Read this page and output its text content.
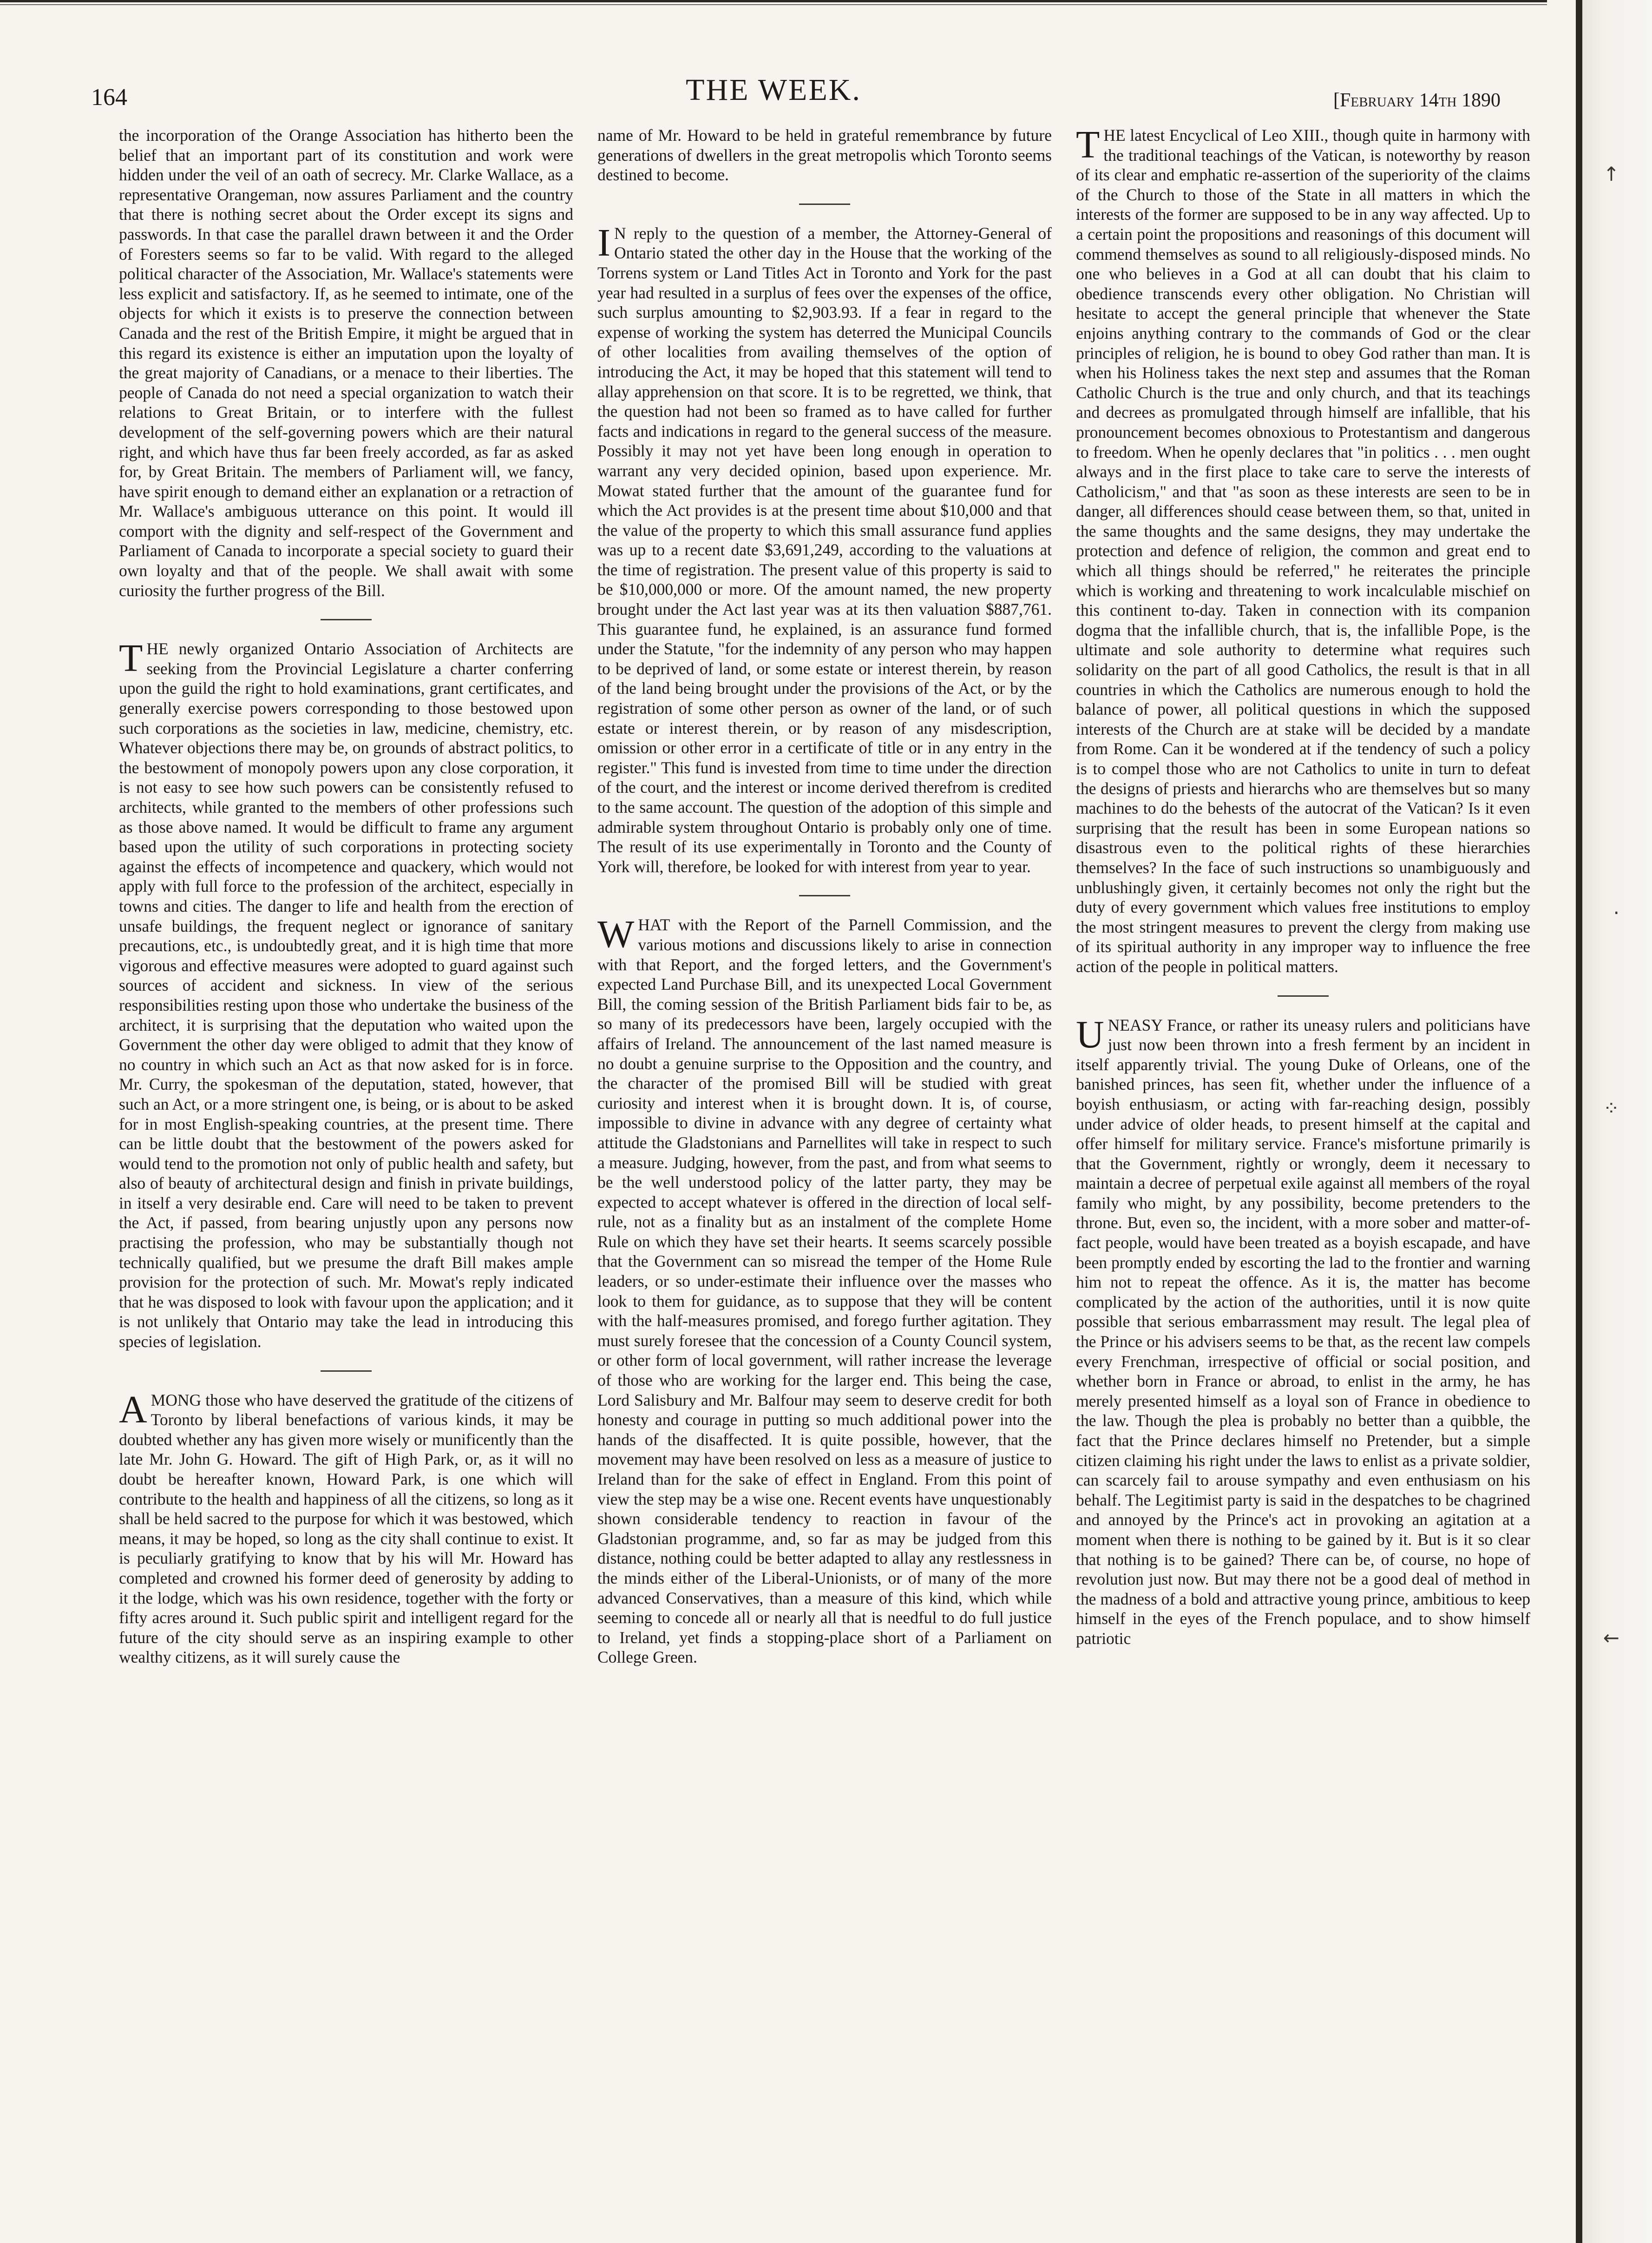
↑
·
⁘
←
164	THE WEEK.	[February 14th 1890

the incorporation of the Orange Association has hitherto been the belief that an important part of its constitution and work were hidden under the veil of an oath of secrecy. Mr. Clarke Wallace, as a representative Orangeman, now assures Parliament and the country that there is nothing secret about the Order except its signs and passwords. In that case the parallel drawn between it and the Order of Foresters seems so far to be valid. With regard to the alleged political character of the Association, Mr. Wallace's statements were less explicit and satisfactory. If, as he seemed to intimate, one of the objects for which it exists is to preserve the connection between Canada and the rest of the British Empire, it might be argued that in this regard its existence is either an imputation upon the loyalty of the great majority of Canadians, or a menace to their liberties. The people of Canada do not need a special organization to watch their relations to Great Britain, or to interfere with the fullest development of the self-governing powers which are their natural right, and which have thus far been freely accorded, as far as asked for, by Great Britain. The members of Parliament will, we fancy, have spirit enough to demand either an explanation or a retraction of Mr. Wallace's ambiguous utterance on this point. It would ill comport with the dignity and self-respect of the Government and Parliament of Canada to incorporate a special society to guard their own loyalty and that of the people. We shall await with some curiosity the further progress of the Bill.

THE newly organized Ontario Association of Architects are seeking from the Provincial Legislature a charter conferring upon the guild the right to hold examinations, grant certificates, and generally exercise powers corresponding to those bestowed upon such corporations as the societies in law, medicine, chemistry, etc. Whatever objections there may be, on grounds of abstract politics, to the bestowment of monopoly powers upon any close corporation, it is not easy to see how such powers can be consistently refused to architects, while granted to the members of other professions such as those above named. It would be difficult to frame any argument based upon the utility of such corporations in protecting society against the effects of incompetence and quackery, which would not apply with full force to the profession of the architect, especially in towns and cities. The danger to life and health from the erection of unsafe buildings, the frequent neglect or ignorance of sanitary precautions, etc., is undoubtedly great, and it is high time that more vigorous and effective measures were adopted to guard against such sources of accident and sickness. In view of the serious responsibilities resting upon those who undertake the business of the architect, it is surprising that the deputation who waited upon the Government the other day were obliged to admit that they know of no country in which such an Act as that now asked for is in force. Mr. Curry, the spokesman of the deputation, stated, however, that such an Act, or a more stringent one, is being, or is about to be asked for in most English-speaking countries, at the present time. There can be little doubt that the bestowment of the powers asked for would tend to the promotion not only of public health and safety, but also of beauty of architectural design and finish in private buildings, in itself a very desirable end. Care will need to be taken to prevent the Act, if passed, from bearing unjustly upon any persons now practising the profession, who may be substantially though not technically qualified, but we presume the draft Bill makes ample provision for the protection of such. Mr. Mowat's reply indicated that he was disposed to look with favour upon the application; and it is not unlikely that Ontario may take the lead in introducing this species of legislation.

AMONG those who have deserved the gratitude of the citizens of Toronto by liberal benefactions of various kinds, it may be doubted whether any has given more wisely or munificently than the late Mr. John G. Howard. The gift of High Park, or, as it will no doubt be hereafter known, Howard Park, is one which will contribute to the health and happiness of all the citizens, so long as it shall be held sacred to the purpose for which it was bestowed, which means, it may be hoped, so long as the city shall continue to exist. It is peculiarly gratifying to know that by his will Mr. Howard has completed and crowned his former deed of generosity by adding to it the lodge, which was his own residence, together with the forty or fifty acres around it. Such public spirit and intelligent regard for the future of the city should serve as an inspiring example to other wealthy citizens, as it will surely cause the

name of Mr. Howard to be held in grateful remembrance by future generations of dwellers in the great metropolis which Toronto seems destined to become.

IN reply to the question of a member, the Attorney-General of Ontario stated the other day in the House that the working of the Torrens system or Land Titles Act in Toronto and York for the past year had resulted in a surplus of fees over the expenses of the office, such surplus amounting to $2,903.93. If a fear in regard to the expense of working the system has deterred the Municipal Councils of other localities from availing themselves of the option of introducing the Act, it may be hoped that this statement will tend to allay apprehension on that score. It is to be regretted, we think, that the question had not been so framed as to have called for further facts and indications in regard to the general success of the measure. Possibly it may not yet have been long enough in operation to warrant any very decided opinion, based upon experience. Mr. Mowat stated further that the amount of the guarantee fund for which the Act provides is at the present time about $10,000 and that the value of the property to which this small assurance fund applies was up to a recent date $3,691,249, according to the valuations at the time of registration. The present value of this property is said to be $10,000,000 or more. Of the amount named, the new property brought under the Act last year was at its then valuation $887,761. This guarantee fund, he explained, is an assurance fund formed under the Statute, "for the indemnity of any person who may happen to be deprived of land, or some estate or interest therein, by reason of the land being brought under the provisions of the Act, or by the registration of some other person as owner of the land, or of such estate or interest therein, or by reason of any misdescription, omission or other error in a certificate of title or in any entry in the register." This fund is invested from time to time under the direction of the court, and the interest or income derived therefrom is credited to the same account. The question of the adoption of this simple and admirable system throughout Ontario is probably only one of time. The result of its use experimentally in Toronto and the County of York will, therefore, be looked for with interest from year to year.

WHAT with the Report of the Parnell Commission, and the various motions and discussions likely to arise in connection with that Report, and the forged letters, and the Government's expected Land Purchase Bill, and its unexpected Local Government Bill, the coming session of the British Parliament bids fair to be, as so many of its predecessors have been, largely occupied with the affairs of Ireland. The announcement of the last named measure is no doubt a genuine surprise to the Opposition and the country, and the character of the promised Bill will be studied with great curiosity and interest when it is brought down. It is, of course, impossible to divine in advance with any degree of certainty what attitude the Gladstonians and Parnellites will take in respect to such a measure. Judging, however, from the past, and from what seems to be the well understood policy of the latter party, they may be expected to accept whatever is offered in the direction of local self-rule, not as a finality but as an instalment of the complete Home Rule on which they have set their hearts. It seems scarcely possible that the Government can so misread the temper of the Home Rule leaders, or so under-estimate their influence over the masses who look to them for guidance, as to suppose that they will be content with the half-measures promised, and forego further agitation. They must surely foresee that the concession of a County Council system, or other form of local government, will rather increase the leverage of those who are working for the larger end. This being the case, Lord Salisbury and Mr. Balfour may seem to deserve credit for both honesty and courage in putting so much additional power into the hands of the disaffected. It is quite possible, however, that the movement may have been resolved on less as a measure of justice to Ireland than for the sake of effect in England. From this point of view the step may be a wise one. Recent events have unquestionably shown considerable tendency to reaction in favour of the Gladstonian programme, and, so far as may be judged from this distance, nothing could be better adapted to allay any restlessness in the minds either of the Liberal-Unionists, or of many of the more advanced Conservatives, than a measure of this kind, which while seeming to concede all or nearly all that is needful to do full justice to Ireland, yet finds a stopping-place short of a Parliament on College Green.

THE latest Encyclical of Leo XIII., though quite in harmony with the traditional teachings of the Vatican, is noteworthy by reason of its clear and emphatic re-assertion of the superiority of the claims of the Church to those of the State in all matters in which the interests of the former are supposed to be in any way affected. Up to a certain point the propositions and reasonings of this document will commend themselves as sound to all religiously-disposed minds. No one who believes in a God at all can doubt that his claim to obedience transcends every other obligation. No Christian will hesitate to accept the general principle that whenever the State enjoins anything contrary to the commands of God or the clear principles of religion, he is bound to obey God rather than man. It is when his Holiness takes the next step and assumes that the Roman Catholic Church is the true and only church, and that its teachings and decrees as promulgated through himself are infallible, that his pronouncement becomes obnoxious to Protestantism and dangerous to freedom. When he openly declares that "in politics . . . men ought always and in the first place to take care to serve the interests of Catholicism," and that "as soon as these interests are seen to be in danger, all differences should cease between them, so that, united in the same thoughts and the same designs, they may undertake the protection and defence of religion, the common and great end to which all things should be referred," he reiterates the principle which is working and threatening to work incalculable mischief on this continent to-day. Taken in connection with its companion dogma that the infallible church, that is, the infallible Pope, is the ultimate and sole authority to determine what requires such solidarity on the part of all good Catholics, the result is that in all countries in which the Catholics are numerous enough to hold the balance of power, all political questions in which the supposed interests of the Church are at stake will be decided by a mandate from Rome. Can it be wondered at if the tendency of such a policy is to compel those who are not Catholics to unite in turn to defeat the designs of priests and hierarchs who are themselves but so many machines to do the behests of the autocrat of the Vatican? Is it even surprising that the result has been in some European nations so disastrous even to the political rights of these hierarchies themselves? In the face of such instructions so unambiguously and unblushingly given, it certainly becomes not only the right but the duty of every government which values free institutions to employ the most stringent measures to prevent the clergy from making use of its spiritual authority in any improper way to influence the free action of the people in political matters.

UNEASY France, or rather its uneasy rulers and politicians have just now been thrown into a fresh ferment by an incident in itself apparently trivial. The young Duke of Orleans, one of the banished princes, has seen fit, whether under the influence of a boyish enthusiasm, or acting with far-reaching design, possibly under advice of older heads, to present himself at the capital and offer himself for military service. France's misfortune primarily is that the Government, rightly or wrongly, deem it necessary to maintain a decree of perpetual exile against all members of the royal family who might, by any possibility, become pretenders to the throne. But, even so, the incident, with a more sober and matter-of-fact people, would have been treated as a boyish escapade, and have been promptly ended by escorting the lad to the frontier and warning him not to repeat the offence. As it is, the matter has become complicated by the action of the authorities, until it is now quite possible that serious embarrassment may result. The legal plea of the Prince or his advisers seems to be that, as the recent law compels every Frenchman, irrespective of official or social position, and whether born in France or abroad, to enlist in the army, he has merely presented himself as a loyal son of France in obedience to the law. Though the plea is probably no better than a quibble, the fact that the Prince declares himself no Pretender, but a simple citizen claiming his right under the laws to enlist as a private soldier, can scarcely fail to arouse sympathy and even enthusiasm on his behalf. The Legitimist party is said in the despatches to be chagrined and annoyed by the Prince's act in provoking an agitation at a moment when there is nothing to be gained by it. But is it so clear that nothing is to be gained? There can be, of course, no hope of revolution just now. But may there not be a good deal of method in the madness of a bold and attractive young prince, ambitious to keep himself in the eyes of the French populace, and to show himself patriotic
